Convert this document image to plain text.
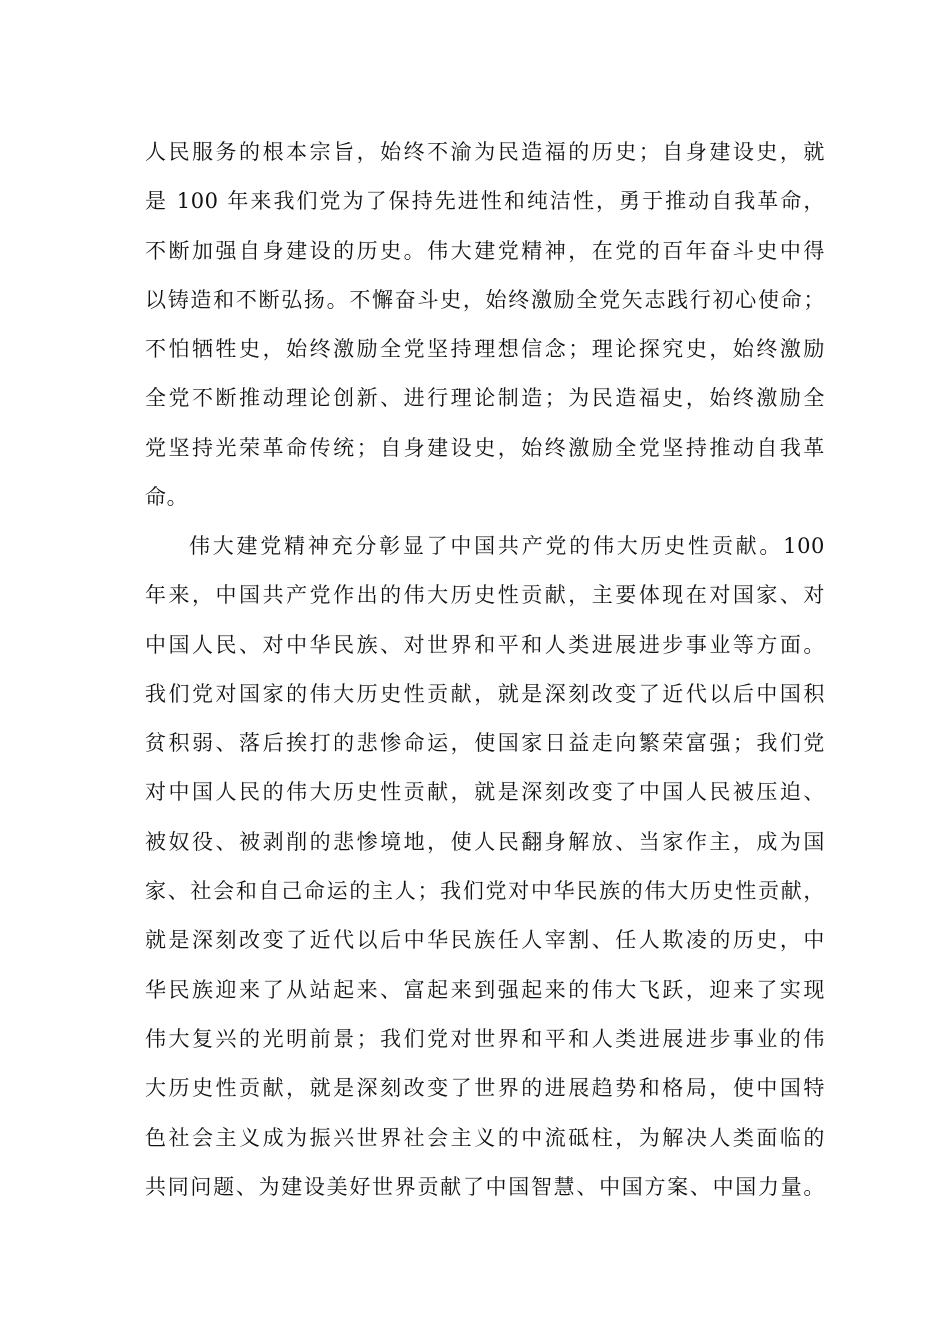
人民服务的根本宗旨，始终不渝为民造福的历史；自身建设史，就
是 100 年来我们党为了保持先进性和纯洁性，勇于推动自我革命，
不断加强自身建设的历史。伟大建党精神，在党的百年奋斗史中得
以铸造和不断弘扬。不懈奋斗史，始终激励全党矢志践行初心使命；
不怕牺牲史，始终激励全党坚持理想信念；理论探究史，始终激励
全党不断推动理论创新、进行理论制造；为民造福史，始终激励全
党坚持光荣革命传统；自身建设史，始终激励全党坚持推动自我革
命。
伟大建党精神充分彰显了中国共产党的伟大历史性贡献。100
年来，中国共产党作出的伟大历史性贡献，主要体现在对国家、对
中国人民、对中华民族、对世界和平和人类进展进步事业等方面。
我们党对国家的伟大历史性贡献，就是深刻改变了近代以后中国积
贫积弱、落后挨打的悲惨命运，使国家日益走向繁荣富强；我们党
对中国人民的伟大历史性贡献，就是深刻改变了中国人民被压迫、
被奴役、被剥削的悲惨境地，使人民翻身解放、当家作主，成为国
家、社会和自己命运的主人；我们党对中华民族的伟大历史性贡献，
就是深刻改变了近代以后中华民族任人宰割、任人欺凌的历史，中
华民族迎来了从站起来、富起来到强起来的伟大飞跃，迎来了实现
伟大复兴的光明前景；我们党对世界和平和人类进展进步事业的伟
大历史性贡献，就是深刻改变了世界的进展趋势和格局，使中国特
色社会主义成为振兴世界社会主义的中流砥柱，为解决人类面临的
共同问题、为建设美好世界贡献了中国智慧、中国方案、中国力量。
